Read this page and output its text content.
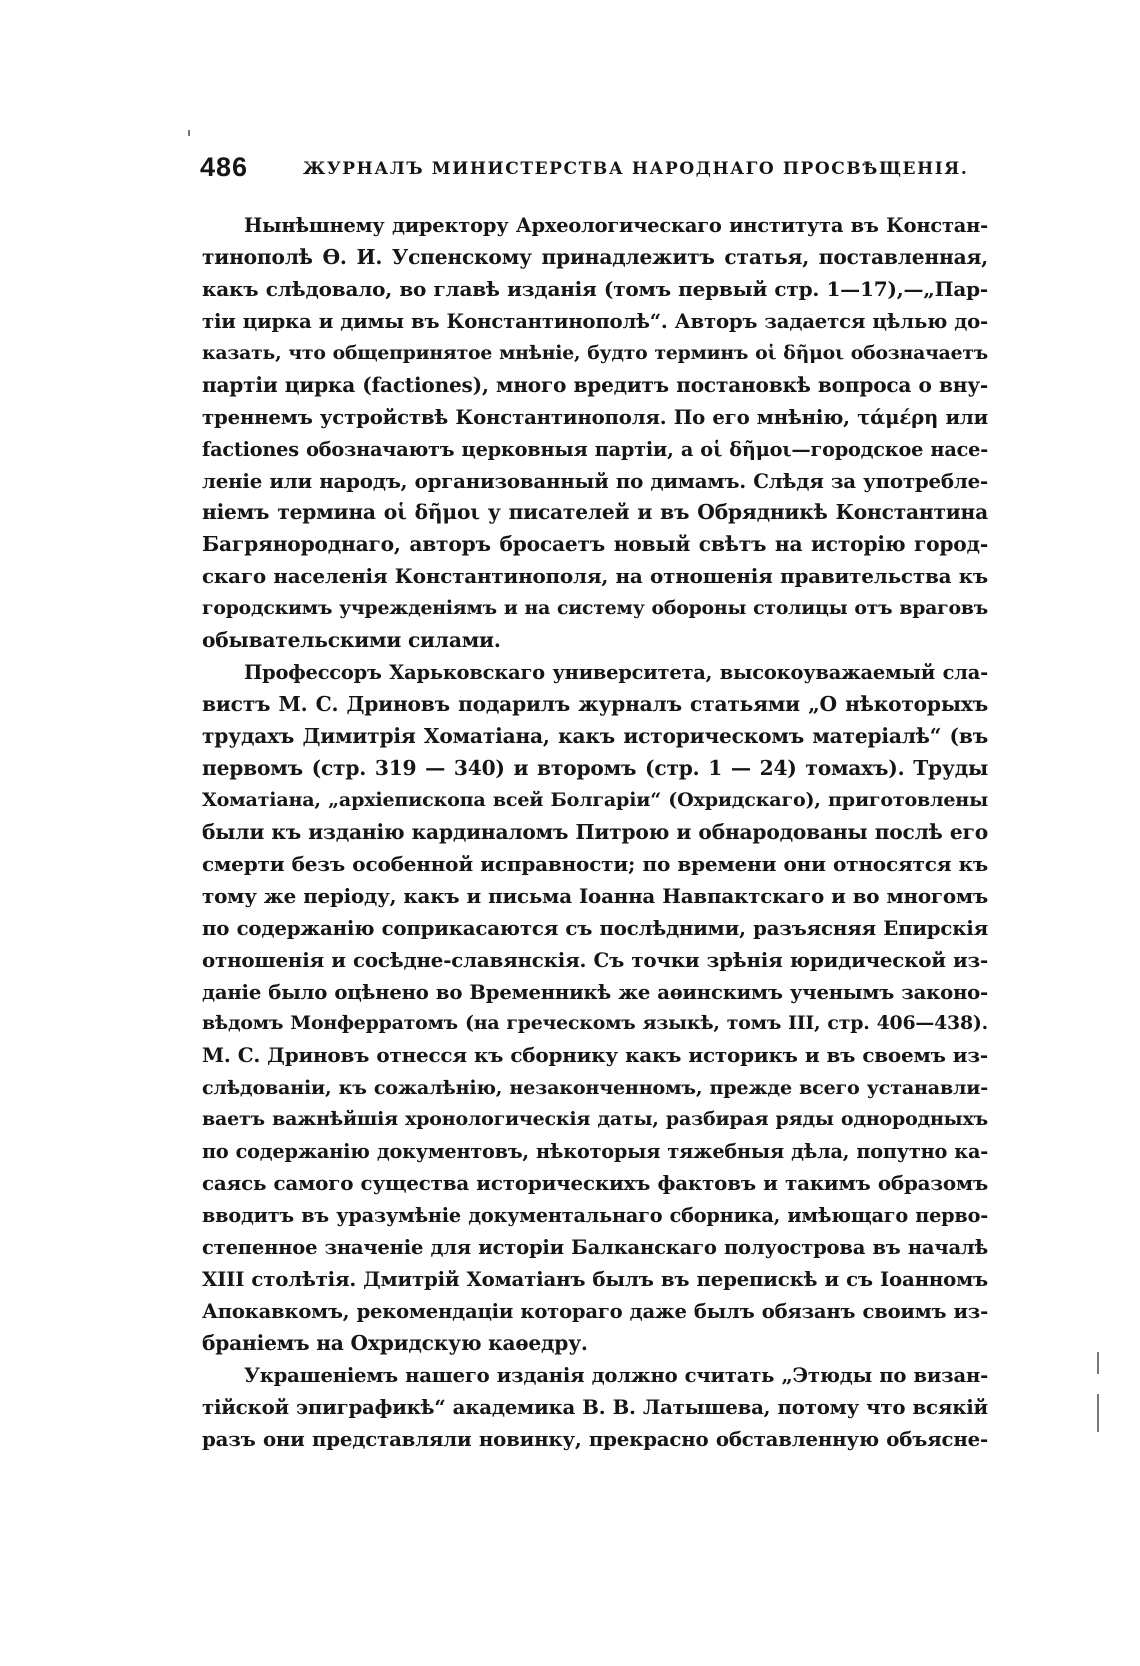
486	ЖУРНАЛЪ МИНИСТЕРСТВА НАРОДНАГО ПРОСВѢЩЕНІЯ.
Нынѣшнему директору Археологическаго института въ Констан-
тинополѣ Ѳ. И. Успенскому принадлежитъ статья, поставленная,
какъ слѣдовало, во главѣ изданія (томъ первый стр. 1—17),—„Пар-
тіи цирка и димы въ Константинополѣ“. Авторъ задается цѣлью до-
казать, что общепринятое мнѣніе, будто терминъ οἱ δῆμοι обозначаетъ
партіи цирка (factiones), много вредитъ постановкѣ вопроса о вну-
треннемъ устройствѣ Константинополя. По его мнѣнію, τάμέρη или
factiones обозначаютъ церковныя партіи, а οἱ δῆμοι—городское насе-
леніе или народъ, организованный по димамъ. Слѣдя за употребле-
ніемъ термина οἱ δῆμοι у писателей и въ Обрядникѣ Константина
Багрянороднаго, авторъ бросаетъ новый свѣтъ на исторію город-
скаго населенія Константинополя, на отношенія правительства къ
городскимъ учрежденіямъ и на систему обороны столицы отъ враговъ
обывательскими силами.
Профессоръ Харьковскаго университета, высокоуважаемый сла-
вистъ М. С. Дриновъ подарилъ журналъ статьями „О нѣкоторыхъ
трудахъ Димитрія Хоматіана, какъ историческомъ матеріалѣ“ (въ
первомъ (стр. 319 — 340) и второмъ (стр. 1 — 24) томахъ). Труды
Хоматіана, „архіепископа всей Болгаріи“ (Охридскаго), приготовлены
были къ изданію кардиналомъ Питрою и обнародованы послѣ его
смерти безъ особенной исправности; по времени они относятся къ
тому же періоду, какъ и письма Іоанна Навпактскаго и во многомъ
по содержанію соприкасаются съ послѣдними, разъясняя Епирскія
отношенія и сосѣдне-славянскія. Съ точки зрѣнія юридической из-
даніе было оцѣнено во Временникѣ же аѳинскимъ ученымъ законо-
вѣдомъ Монферратомъ (на греческомъ языкѣ, томъ III, стр. 406—438).
М. С. Дриновъ отнесся къ сборнику какъ историкъ и въ своемъ из-
слѣдованіи, къ сожалѣнію, незаконченномъ, прежде всего устанавли-
ваетъ важнѣйшія хронологическія даты, разбирая ряды однородныхъ
по содержанію документовъ, нѣкоторыя тяжебныя дѣла, попутно ка-
саясь самого существа историческихъ фактовъ и такимъ образомъ
вводитъ въ уразумѣніе документальнаго сборника, имѣющаго перво-
степенное значеніе для исторіи Балканскаго полуострова въ началѣ
XIII столѣтія. Дмитрій Хоматіанъ былъ въ перепискѣ и съ Іоанномъ
Апокавкомъ, рекомендаціи котораго даже былъ обязанъ своимъ из-
браніемъ на Охридскую каѳедру.
Украшеніемъ нашего изданія должно считать „Этюды по визан-
тійской эпиграфикѣ“ академика В. В. Латышева, потому что всякій
разъ они представляли новинку, прекрасно обставленную объясне-
